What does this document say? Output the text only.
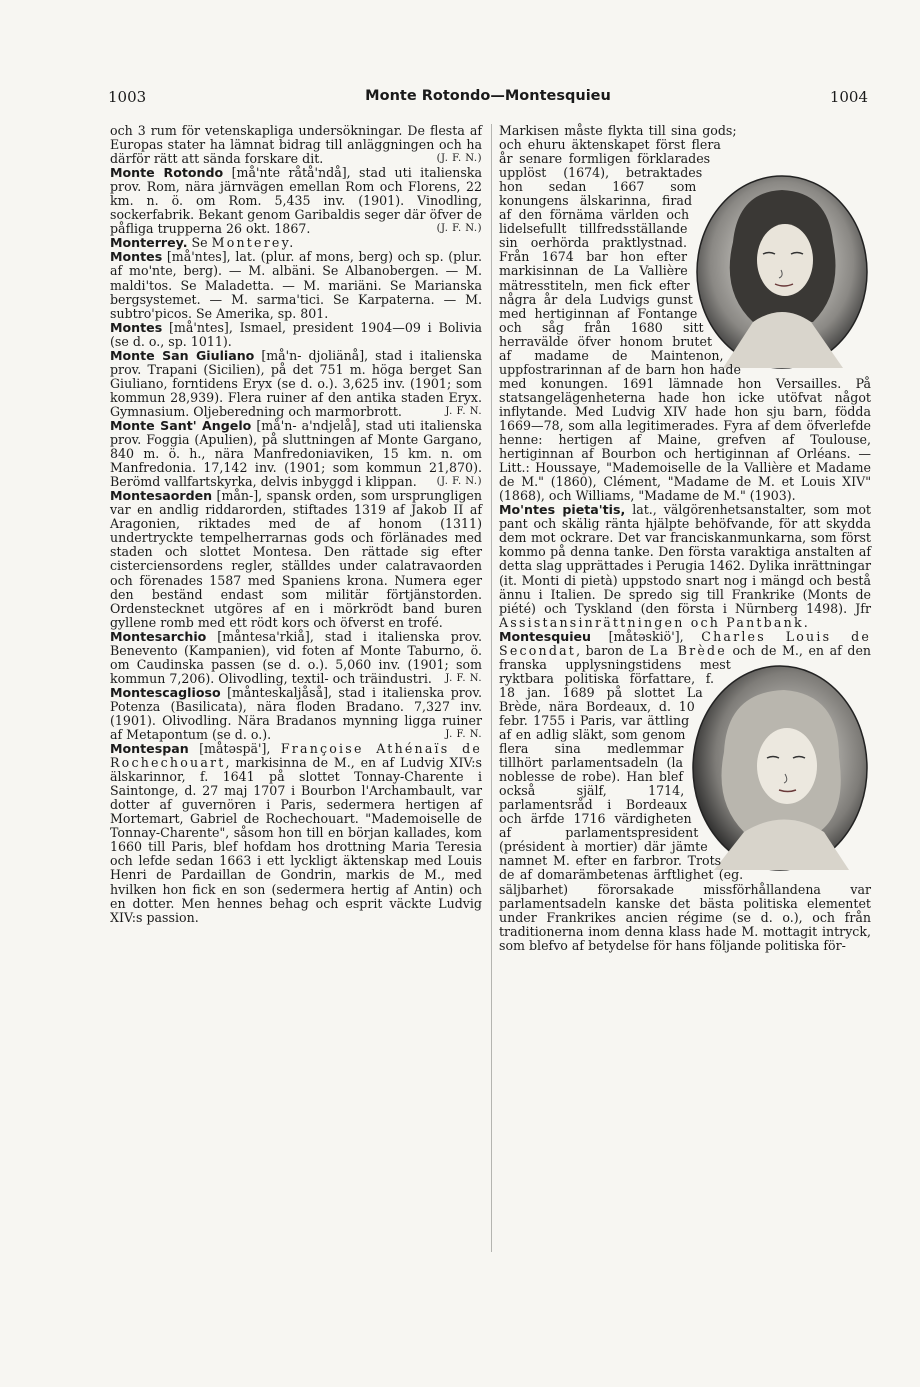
1003	Monte Rotondo—Montesquieu	1004

och 3 rum för vetenskapliga undersökningar. De flesta af Europas stater ha lämnat bidrag till anläggningen och ha därför rätt att sända forskare dit.	(J. F. N.)

Monte Rotondo [må'nte råtå'ndå], stad uti italienska prov. Rom, nära järnvägen emellan Rom och Florens, 22 km. n. ö. om Rom. 5,435 inv. (1901). Vinodling, sockerfabrik. Bekant genom Garibaldis seger där öfver de påfliga trupperna 26 okt. 1867.	(J. F. N.)

Monterrey. Se Monterey.

Montes [må'ntes], lat. (plur. af mons, berg) och sp. (plur. af mo'nte, berg). — M. albäni. Se Albanobergen. — M. maldi'tos. Se Maladetta. — M. mariäni. Se Marianska bergsystemet. — M. sarma'tici. Se Karpaterna. — M. subtro'picos. Se Amerika, sp. 801.

Montes [må'ntes], Ismael, president 1904—09 i Bolivia (se d. o., sp. 1011).

Monte San Giuliano [må'n- djoliänå], stad i italienska prov. Trapani (Sicilien), på det 751 m. höga berget San Giuliano, forntidens Eryx (se d. o.). 3,625 inv. (1901; som kommun 28,939). Flera ruiner af den antika staden Eryx. Gymnasium. Oljeberedning och marmorbrott.	J. F. N.

Monte Sant' Angelo [må'n- a'ndjelå], stad uti italienska prov. Foggia (Apulien), på sluttningen af Monte Gargano, 840 m. ö. h., nära Manfredoniaviken, 15 km. n. om Manfredonia. 17,142 inv. (1901; som kommun 21,870). Berömd vallfartskyrka, delvis inbyggd i klippan. (J. F. N.)

Montesaorden [mån-], spansk orden, som ursprungligen var en andlig riddarorden, stiftades 1319 af Jakob II af Aragonien, riktades med de af honom (1311) undertryckte tempelherrarnas gods och förlänades med staden och slottet Montesa. Den rättade sig efter cisterciensordens regler, ställdes under calatravaorden och förenades 1587 med Spaniens krona. Numera eger den beständ endast som militär förtjänstorden. Ordenstecknet utgöres af en i mörkrödt band buren gyllene romb med ett rödt kors och öfverst en trofé.

Montesarchio [måntesa'rkiå], stad i italienska prov. Benevento (Kampanien), vid foten af Monte Taburno, ö. om Caudinska passen (se d. o.). 5,060 inv. (1901; som kommun 7,206). Olivodling, textil- och träindustri. J. F. N.

Montescaglioso [månteskaljåså], stad i italienska prov. Potenza (Basilicata), nära floden Bradano. 7,327 inv. (1901). Olivodling. Nära Bradanos mynning ligga ruiner af Metapontum (se d. o.).	J. F. N.

Montespan [måtəspä'], Françoise Athénaïs de Rochechouart, markisinna de M., en af Ludvig XIV:s älskarinnor, f. 1641 på slottet Tonnay-Charente i Saintonge, d. 27 maj 1707 i Bourbon l'Archambault, var dotter af guvernören i Paris, sedermera hertigen af Mortemart, Gabriel de Rochechouart. "Mademoiselle de Tonnay-Charente", såsom hon till en början kallades, kom 1660 till Paris, blef hofdam hos drottning Maria Teresia och lefde sedan 1663 i ett lyckligt äktenskap med Louis Henri de Pardaillan de Gondrin, markis de M., med hvilken hon fick en son (sedermera hertig af Antin) och en dotter. Men hennes behag och esprit väckte Ludvig XIV:s passion.

Markisen måste flykta till sina gods; och ehuru äktenskapet först flera år senare formligen förklarades upplöst (1674), betraktades hon sedan 1667 som konungens älskarinna, firad af den förnäma världen och lidelsefullt tillfredsställande sin oerhörda praktlystnad. Från 1674 bar hon efter markisinnan de La Vallière mätresstiteln, men fick efter några år dela Ludvigs gunst med hertiginnan af Fontange och såg från 1680 sitt herraväldе öfver honom brutet af madame de Maintenon, uppfostrarinnan af de barn hon hade med konungen. 1691 lämnade hon Versailles. På statsangelägenheterna hade hon icke utöfvat något inflytande. Med Ludvig XIV hade hon sju barn, födda 1669—78, som alla legitimerades. Fyra af dem öfverlefde henne: hertigen af Maine, grefven af Toulouse, hertiginnan af Bourbon och hertiginnan af Orléans. — Litt.: Houssaye, "Mademoiselle de la Vallière et Madame de M." (1860), Clément, "Madame de M. et Louis XIV" (1868), och Williams, "Madame de M." (1903).

Mo'ntes pieta'tis, lat., välgörenhetsanstalter, som mot pant och skälig ränta hjälpte behöfvande, för att skydda dem mot ockrare. Det var franciskanmunkarna, som först kommo på denna tanke. Den första varaktiga anstalten af detta slag upprättades i Perugia 1462. Dylika inrättningar (it. Monti di pietà) uppstodo snart nog i mängd och bestå ännu i Italien. De spredo sig till Frankrike (Monts de piété) och Tyskland (den första i Nürnberg 1498). Jfr Assistansinrättningen och Pantbank.

Montesquieu [måtəskiö'], Charles Louis de Secondat, baron de La Brède
och de M., en af den franska upplysningstidens mest ryktbara politiska författare, f. 18 jan. 1689 på slottet La Brède, nära Bordeaux, d. 10 febr. 1755 i Paris, var ättling af en adlig släkt, som genom flera sina medlemmar tillhört parlamentsadeln (la noblesse de robe). Han blef också själf, 1714, parlamentsråd i Bordeaux och ärfde 1716 värdigheten af parlamentspresident (président à mortier) där jämte namnet M. efter en farbror. Trots de af domarämbetenas ärftlighet (eg. säljbarhet) förorsakade missförhållandena var parlamentsadeln kanske det bästa politiska elementet under Frankrikes ancien régime (se d. o.), och från traditionerna inom denna klass hade M. mottagit intryck, som blefvo af betydelse för hans följande politiska för-
